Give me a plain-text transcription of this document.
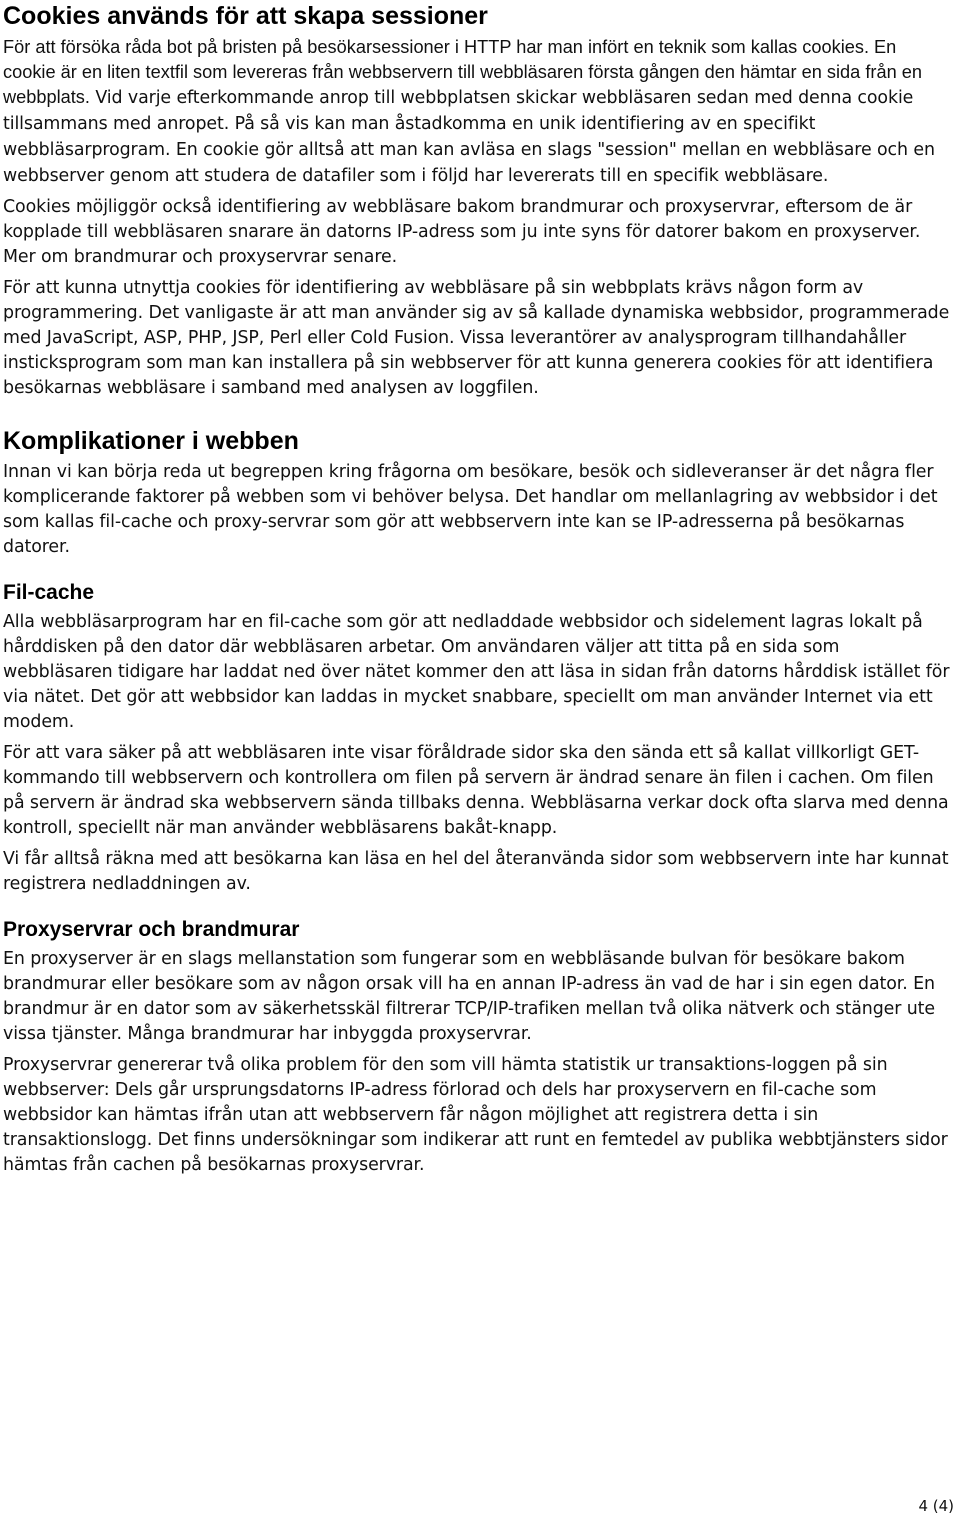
Cookies används för att skapa sessioner

För att försöka råda bot på bristen på besökarsessioner i HTTP har man infört en teknik som kallas cookies. En cookie är en liten textfil som levereras från webbservern till webbläsaren första gången den hämtar en sida från en webbplats. Vid varje efterkommande anrop till webbplatsen skickar webbläsaren sedan med denna cookie tillsammans med anropet. På så vis kan man åstadkomma en unik identifiering av en specifikt webbläsarprogram. En cookie gör alltså att man kan avläsa en slags "session" mellan en webbläsare och en webbserver genom att studera de datafiler som i följd har levererats till en specifik webbläsare.

Cookies möjliggör också identifiering av webbläsare bakom brandmurar och proxyservrar, eftersom de är kopplade till webbläsaren snarare än datorns IP-adress som ju inte syns för datorer bakom en proxyserver. Mer om brandmurar och proxyservrar senare.

För att kunna utnyttja cookies för identifiering av webbläsare på sin webbplats krävs någon form av programmering. Det vanligaste är att man använder sig av så kallade dynamiska webbsidor, programmerade med JavaScript, ASP, PHP, JSP, Perl eller Cold Fusion. Vissa leverantörer av analysprogram tillhandahåller insticksprogram som man kan installera på sin webbserver för att kunna generera cookies för att identifiera besökarnas webbläsare i samband med analysen av loggfilen.

Komplikationer i webben

Innan vi kan börja reda ut begreppen kring frågorna om besökare, besök och sidleveranser är det några fler komplicerande faktorer på webben som vi behöver belysa. Det handlar om mellanlagring av webbsidor i det som kallas fil-cache och proxy-servrar som gör att webbservern inte kan se IP-adresserna på besökarnas datorer.

Fil-cache

Alla webbläsarprogram har en fil-cache som gör att nedladdade webbsidor och sidelement lagras lokalt på hårddisken på den dator där webbläsaren arbetar. Om användaren väljer att titta på en sida som webbläsaren tidigare har laddat ned över nätet kommer den att läsa in sidan från datorns hårddisk istället för via nätet. Det gör att webbsidor kan laddas in mycket snabbare, speciellt om man använder Internet via ett modem.

För att vara säker på att webbläsaren inte visar föråldrade sidor ska den sända ett så kallat villkorligt GET-kommando till webbservern och kontrollera om filen på servern är ändrad senare än filen i cachen. Om filen på servern är ändrad ska webbservern sända tillbaks denna. Webbläsarna verkar dock ofta slarva med denna kontroll, speciellt när man använder webbläsarens bakåt-knapp.

Vi får alltså räkna med att besökarna kan läsa en hel del återanvända sidor som webbservern inte har kunnat registrera nedladdningen av.

Proxyservrar och brandmurar

En proxyserver är en slags mellanstation som fungerar som en webbläsande bulvan för besökare bakom brandmurar eller besökare som av någon orsak vill ha en annan IP-adress än vad de har i sin egen dator. En brandmur är en dator som av säkerhetsskäl filtrerar TCP/IP-trafiken mellan två olika nätverk och stänger ute vissa tjänster. Många brandmurar har inbyggda proxyservrar.

Proxyservrar genererar två olika problem för den som vill hämta statistik ur transaktions-loggen på sin webbserver: Dels går ursprungsdatorns IP-adress förlorad och dels har proxyservern en fil-cache som webbsidor kan hämtas ifrån utan att webbservern får någon möjlighet att registrera detta i sin transaktionslogg. Det finns undersökningar som indikerar att runt en femtedel av publika webbtjänsters sidor hämtas från cachen på besökarnas proxyservrar.

4 (4)
